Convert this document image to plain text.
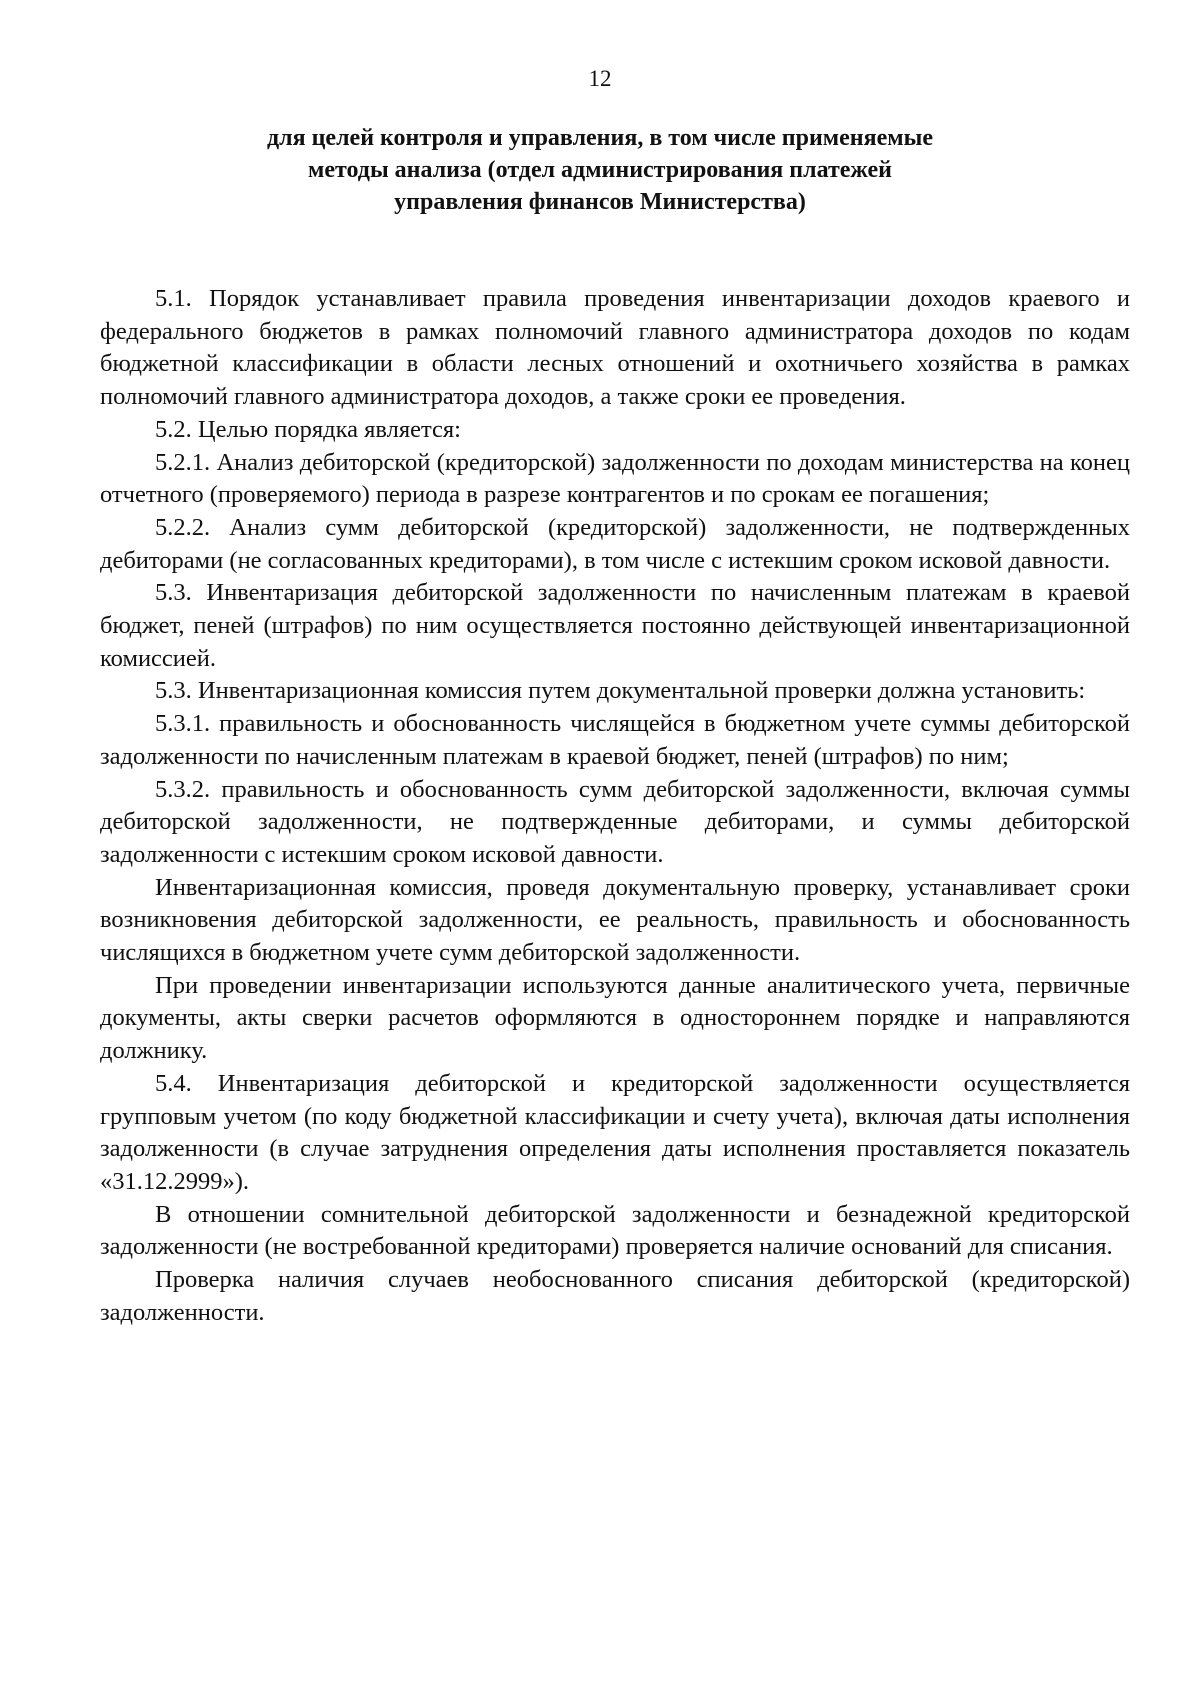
12
для целей контроля и управления, в том числе применяемые
методы анализа (отдел администрирования платежей
управления финансов Министерства)

5.1. Порядок устанавливает правила проведения инвентаризации доходов краевого и федерального бюджетов в рамках полномочий главного администратора доходов по кодам бюджетной классификации в области лесных отношений и охотничьего хозяйства в рамках полномочий главного администратора доходов, а также сроки ее проведения.

5.2. Целью порядка является:

5.2.1. Анализ дебиторской (кредиторской) задолженности по доходам министерства на конец отчетного (проверяемого) периода в разрезе контрагентов и по срокам ее погашения;

5.2.2. Анализ сумм дебиторской (кредиторской) задолженности, не подтвержденных дебиторами (не согласованных кредиторами), в том числе с истекшим сроком исковой давности.

5.3. Инвентаризация дебиторской задолженности по начисленным платежам в краевой бюджет, пеней (штрафов) по ним осуществляется постоянно действующей инвентаризационной комиссией.

5.3. Инвентаризационная комиссия путем документальной проверки должна установить:

5.3.1. правильность и обоснованность числящейся в бюджетном учете суммы дебиторской задолженности по начисленным платежам в краевой бюджет, пеней (штрафов) по ним;

5.3.2. правильность и обоснованность сумм дебиторской задолженности, включая суммы дебиторской задолженности, не подтвержденные дебиторами, и суммы дебиторской задолженности с истекшим сроком исковой давности.

Инвентаризационная комиссия, проведя документальную проверку, устанавливает сроки возникновения дебиторской задолженности, ее реальность, правильность и обоснованность числящихся в бюджетном учете сумм дебиторской задолженности.

При проведении инвентаризации используются данные аналитического учета, первичные документы, акты сверки расчетов оформляются в одностороннем порядке и направляются должнику.

5.4. Инвентаризация дебиторской и кредиторской задолженности осуществляется групповым учетом (по коду бюджетной классификации и счету учета), включая даты исполнения задолженности (в случае затруднения определения даты исполнения проставляется показатель «31.12.2999»).

В отношении сомнительной дебиторской задолженности и безнадежной кредиторской задолженности (не востребованной кредиторами) проверяется наличие оснований для списания.

Проверка наличия случаев необоснованного списания дебиторской (кредиторской) задолженности.
